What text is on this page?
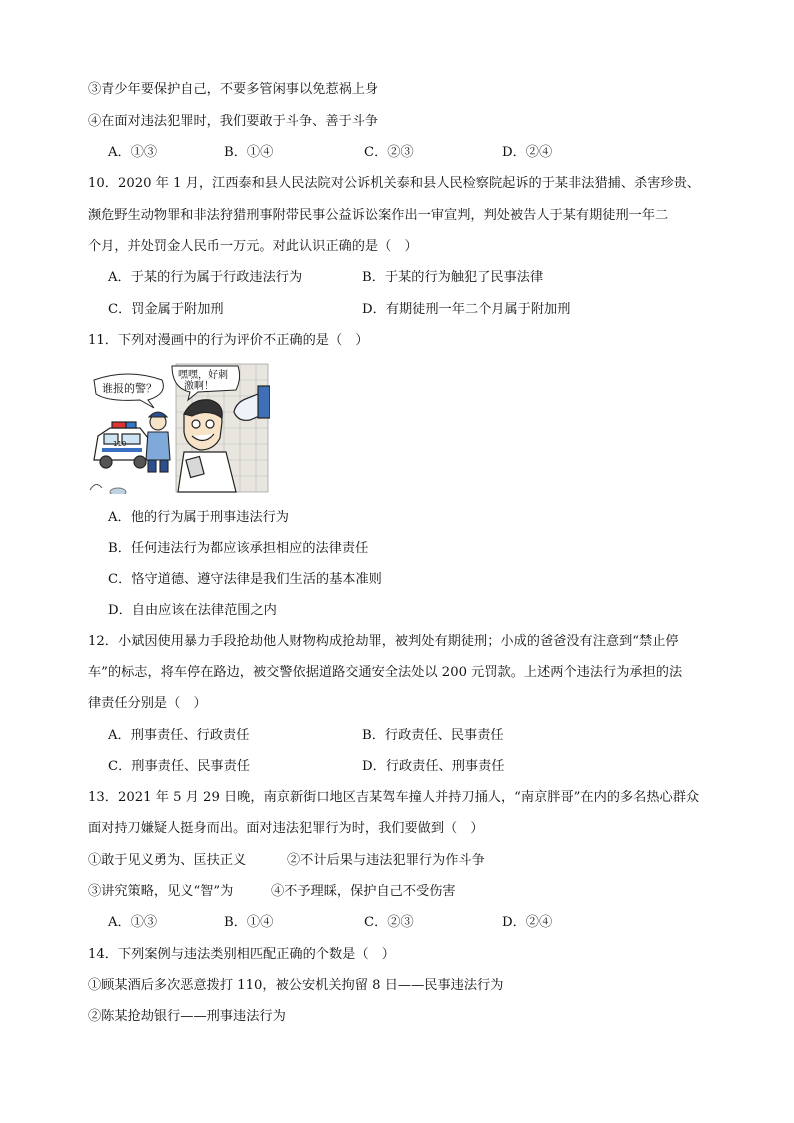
③青少年要保护自己，不要多管闲事以免惹祸上身
④在面对违法犯罪时，我们要敢于斗争、善于斗争
A．①③	B．①④	C．②③	D．②④
10．2020 年 1 月，江西泰和县人民法院对公诉机关泰和县人民检察院起诉的于某非法猎捕、杀害珍贵、
濒危野生动物罪和非法狩猎刑事附带民事公益诉讼案作出一审宣判，判处被告人于某有期徒刑一年二
个月，并处罚金人民币一万元。对此认识正确的是（　）
A．于某的行为属于行政违法行为	B．于某的行为触犯了民事法律
C．罚金属于附加刑	D．有期徒刑一年二个月属于附加刑
11．下列对漫画中的行为评价不正确的是（　）
110
谁报的警？
嘿嘿，好刺
激啊！
A．他的行为属于刑事违法行为
B．任何违法行为都应该承担相应的法律责任
C．恪守道德、遵守法律是我们生活的基本准则
D．自由应该在法律范围之内
12．小斌因使用暴力手段抢劫他人财物构成抢劫罪，被判处有期徒刑；小成的爸爸没有注意到“禁止停
车”的标志，将车停在路边，被交警依据道路交通安全法处以 200 元罚款。上述两个违法行为承担的法
律责任分别是（　）
A．刑事责任、行政责任	B．行政责任、民事责任
C．刑事责任、民事责任	D．行政责任、刑事责任
13．2021 年 5 月 29 日晚，南京新街口地区吉某驾车撞人并持刀捅人，“南京胖哥”在内的多名热心群众
面对持刀嫌疑人挺身而出。面对违法犯罪行为时，我们要做到（　）
①敢于见义勇为、匡扶正义	②不计后果与违法犯罪行为作斗争
③讲究策略，见义“智”为	④不予理睬，保护自己不受伤害
A．①③	B．①④	C．②③	D．②④
14．下列案例与违法类别相匹配正确的个数是（　）
①顾某酒后多次恶意拨打 110，被公安机关拘留 8 日——民事违法行为
②陈某抢劫银行——刑事违法行为
